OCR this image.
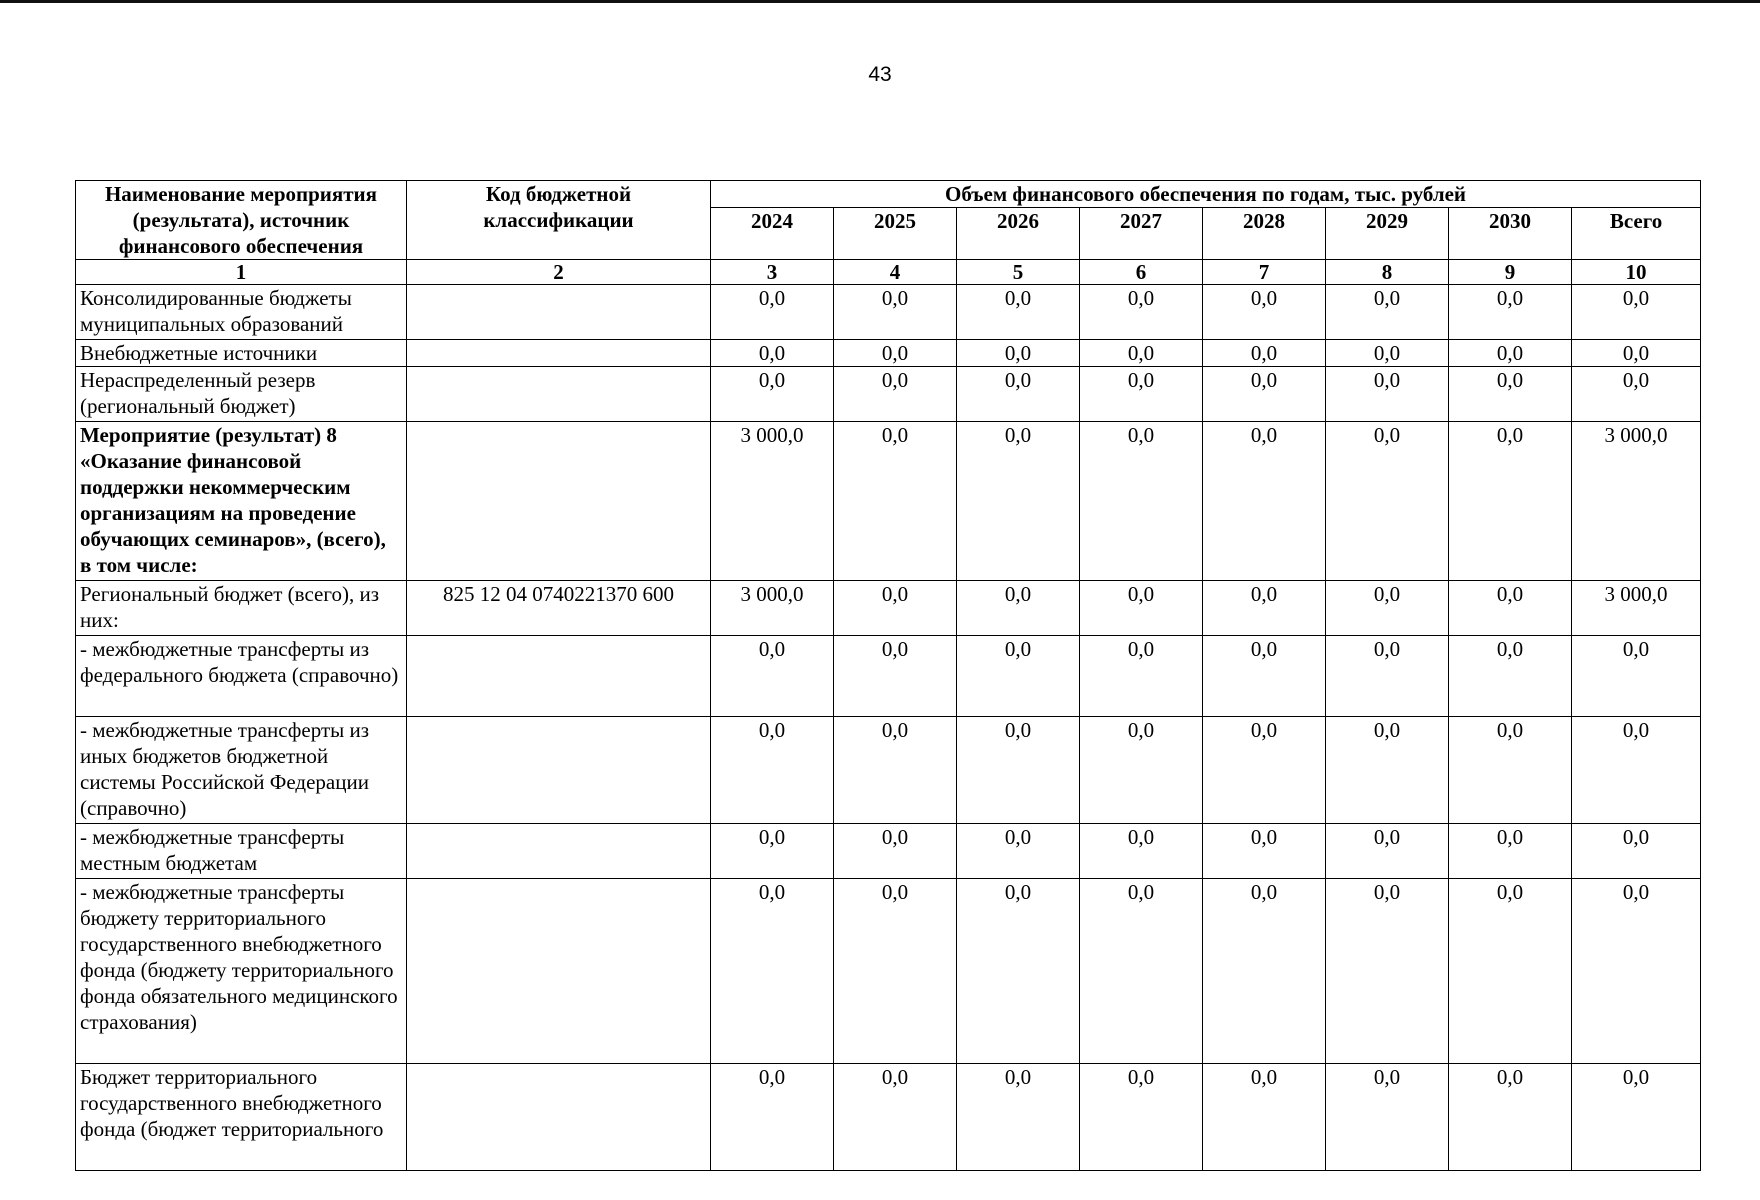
43
Наименование мероприятия (результата), источник финансового обеспечения	Код бюджетной классификации	Объем финансового обеспечения по годам, тыс. рублей							
		2024	2025	2026	2027	2028	2029	2030	Всего
1	2	3	4	5	6	7	8	9	10
Консолидированные бюджеты муниципальных образований		0,0	0,0	0,0	0,0	0,0	0,0	0,0	0,0
Внебюджетные источники		0,0	0,0	0,0	0,0	0,0	0,0	0,0	0,0
Нераспределенный резерв (региональный бюджет)		0,0	0,0	0,0	0,0	0,0	0,0	0,0	0,0
Мероприятие (результат) 8 «Оказание финансовой поддержки некоммерческим организациям на проведение обучающих семинаров», (всего), в том числе:		3 000,0	0,0	0,0	0,0	0,0	0,0	0,0	3 000,0
Региональный бюджет (всего), из них:	825 12 04 0740221370 600	3 000,0	0,0	0,0	0,0	0,0	0,0	0,0	3 000,0
- межбюджетные трансферты из федерального бюджета (справочно)		0,0	0,0	0,0	0,0	0,0	0,0	0,0	0,0
- межбюджетные трансферты из иных бюджетов бюджетной системы Российской Федерации (справочно)		0,0	0,0	0,0	0,0	0,0	0,0	0,0	0,0
- межбюджетные трансферты местным бюджетам		0,0	0,0	0,0	0,0	0,0	0,0	0,0	0,0
- межбюджетные трансферты бюджету территориального государственного внебюджетного фонда (бюджету территориального фонда обязательного медицинского страхования)		0,0	0,0	0,0	0,0	0,0	0,0	0,0	0,0
Бюджет территориального государственного внебюджетного фонда (бюджет территориального		0,0	0,0	0,0	0,0	0,0	0,0	0,0	0,0
